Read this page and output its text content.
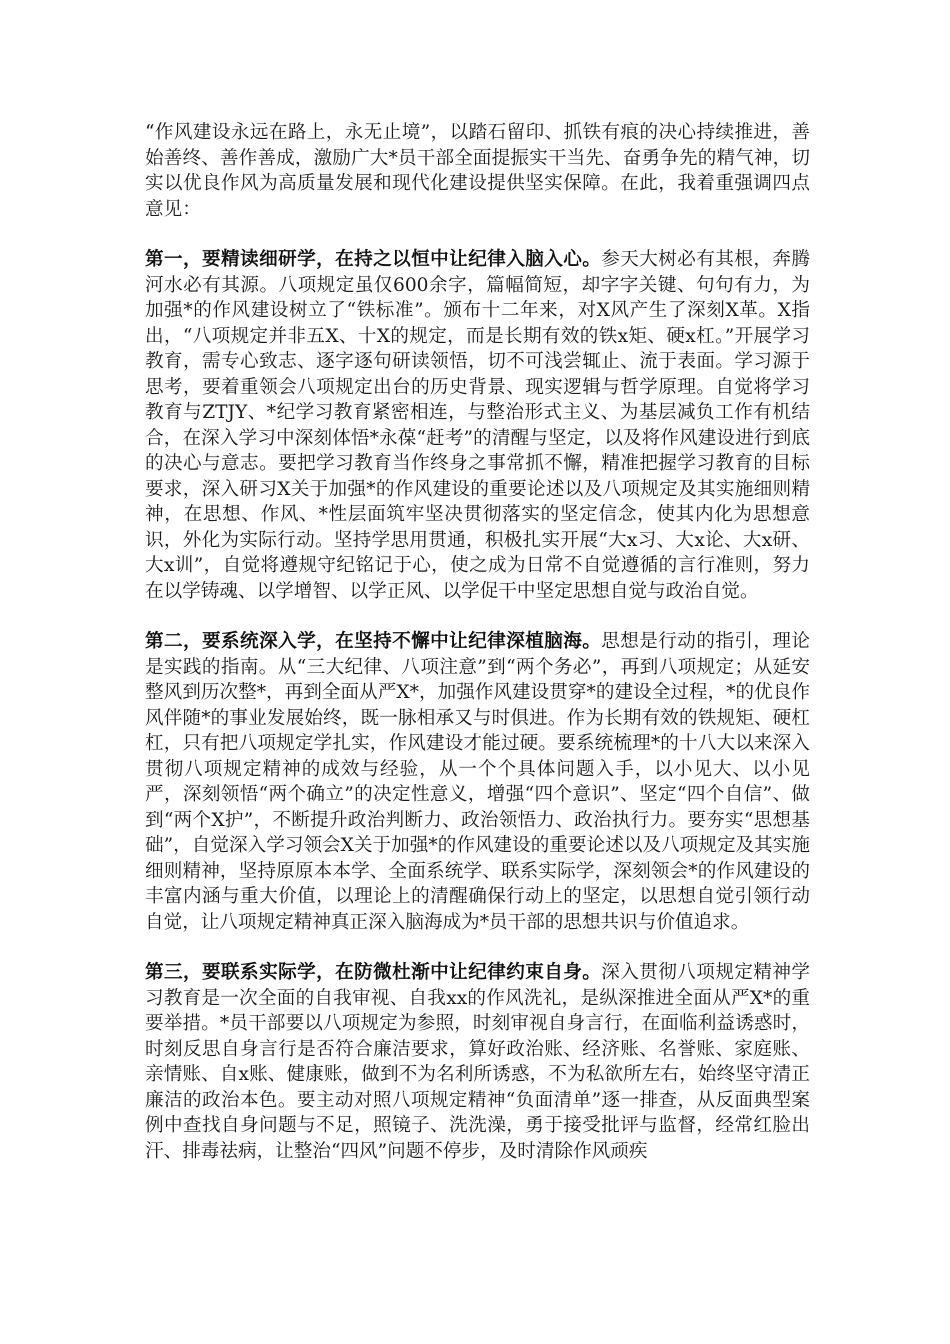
“作风建设永远在路上，永无止境”，以踏石留印、抓铁有痕的决心持续推进，善始善终、善作善成，激励广大*员干部全面提振实干当先、奋勇争先的精气神，切实以优良作风为高质量发展和现代化建设提供坚实保障。在此，我着重强调四点意见：

第一，要精读细研学，在持之以恒中让纪律入脑入心。参天大树必有其根，奔腾河水必有其源。八项规定虽仅600余字，篇幅简短，却字字关键、句句有力，为加强*的作风建设树立了“铁标准”。颁布十二年来，对X风产生了深刻X革。X指出，“八项规定并非五X、十X的规定，而是长期有效的铁x矩、硬x杠。”开展学习教育，需专心致志、逐字逐句研读领悟，切不可浅尝辄止、流于表面。学习源于思考，要着重领会八项规定出台的历史背景、现实逻辑与哲学原理。自觉将学习教育与ZTJY、*纪学习教育紧密相连，与整治形式主义、为基层减负工作有机结合，在深入学习中深刻体悟*永葆“赶考”的清醒与坚定，以及将作风建设进行到底的决心与意志。要把学习教育当作终身之事常抓不懈，精准把握学习教育的目标要求，深入研习X关于加强*的作风建设的重要论述以及八项规定及其实施细则精神，在思想、作风、*性层面筑牢坚决贯彻落实的坚定信念，使其内化为思想意识，外化为实际行动。坚持学思用贯通，积极扎实开展“大x习、大x论、大x研、大x训”，自觉将遵规守纪铭记于心，使之成为日常不自觉遵循的言行准则，努力在以学铸魂、以学增智、以学正风、以学促干中坚定思想自觉与政治自觉。

第二，要系统深入学，在坚持不懈中让纪律深植脑海。思想是行动的指引，理论是实践的指南。从“三大纪律、八项注意”到“两个务必”，再到八项规定；从延安整风到历次整*，再到全面从严X*，加强作风建设贯穿*的建设全过程，*的优良作风伴随*的事业发展始终，既一脉相承又与时俱进。作为长期有效的铁规矩、硬杠杠，只有把八项规定学扎实，作风建设才能过硬。要系统梳理*的十八大以来深入贯彻八项规定精神的成效与经验，从一个个具体问题入手，以小见大、以小见严，深刻领悟“两个确立”的决定性意义，增强“四个意识”、坚定“四个自信”、做到“两个X护”，不断提升政治判断力、政治领悟力、政治执行力。要夯实“思想基础”，自觉深入学习领会X关于加强*的作风建设的重要论述以及八项规定及其实施细则精神，坚持原原本本学、全面系统学、联系实际学，深刻领会*的作风建设的丰富内涵与重大价值，以理论上的清醒确保行动上的坚定，以思想自觉引领行动自觉，让八项规定精神真正深入脑海成为*员干部的思想共识与价值追求。

第三，要联系实际学，在防微杜渐中让纪律约束自身。深入贯彻八项规定精神学习教育是一次全面的自我审视、自我xx的作风洗礼，是纵深推进全面从严X*的重要举措。*员干部要以八项规定为参照，时刻审视自身言行，在面临利益诱惑时，时刻反思自身言行是否符合廉洁要求，算好政治账、经济账、名誉账、家庭账、亲情账、自x账、健康账，做到不为名利所诱惑，不为私欲所左右，始终坚守清正廉洁的政治本色。要主动对照八项规定精神“负面清单”逐一排查，从反面典型案例中查找自身问题与不足，照镜子、洗洗澡，勇于接受批评与监督，经常红脸出汗、排毒祛病，让整治“四风”问题不停步，及时清除作风顽疾
